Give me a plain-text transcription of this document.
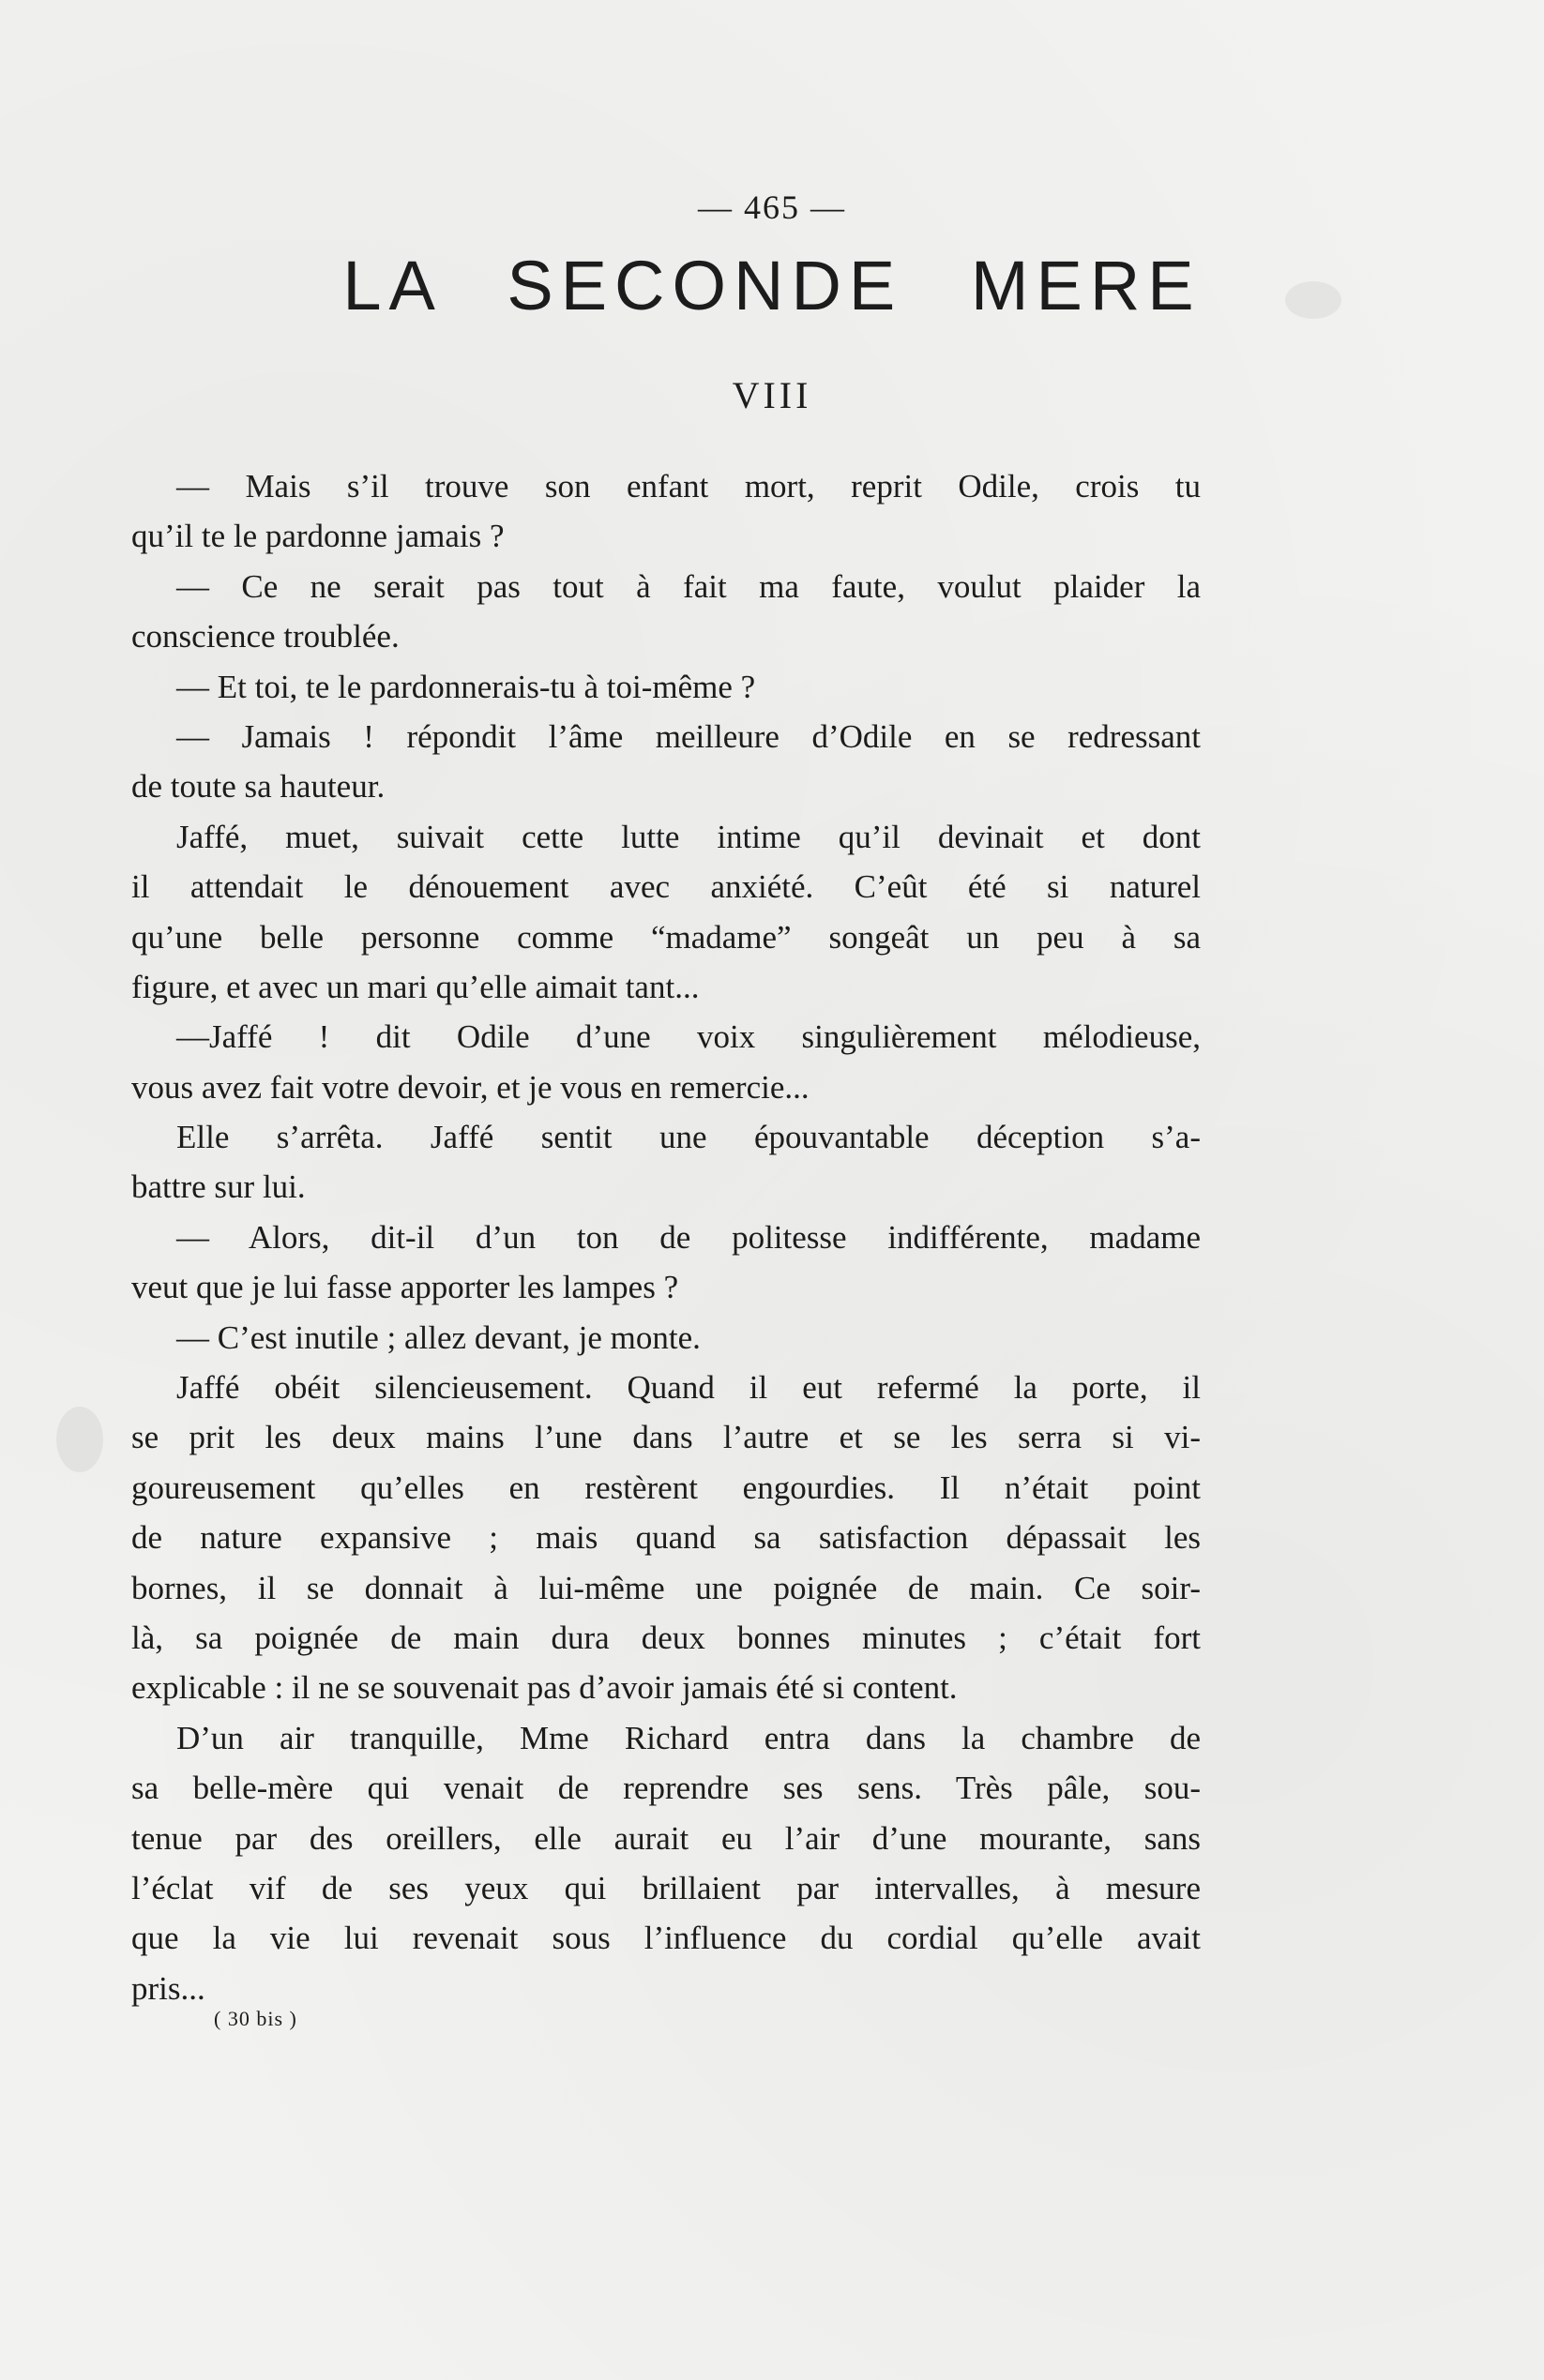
— 465 —
LA SECONDE MERE
VIII
— Mais s’il trouve son enfant mort, reprit Odile, crois tu
qu’il te le pardonne jamais ?
— Ce ne serait pas tout à fait ma faute, voulut plaider la
conscience troublée.
— Et toi, te le pardonnerais-tu à toi-même ?
— Jamais ! répondit l’âme meilleure d’Odile en se redressant
de toute sa hauteur.
Jaffé, muet, suivait cette lutte intime qu’il devinait et dont
il attendait le dénouement avec anxiété. C’eût été si naturel
qu’une belle personne comme “madame” songeât un peu à sa
figure, et avec un mari qu’elle aimait tant...
—Jaffé ! dit Odile d’une voix singulièrement mélodieuse,
vous avez fait votre devoir, et je vous en remercie...
Elle s’arrêta. Jaffé sentit une épouvantable déception s’a-
battre sur lui.
— Alors, dit-il d’un ton de politesse indifférente, madame
veut que je lui fasse apporter les lampes ?
— C’est inutile ; allez devant, je monte.
Jaffé obéit silencieusement. Quand il eut refermé la porte, il
se prit les deux mains l’une dans l’autre et se les serra si vi-
goureusement qu’elles en restèrent engourdies. Il n’était point
de nature expansive ; mais quand sa satisfaction dépassait les
bornes, il se donnait à lui-même une poignée de main. Ce soir-
là, sa poignée de main dura deux bonnes minutes ; c’était fort
explicable : il ne se souvenait pas d’avoir jamais été si content.
D’un air tranquille, Mme Richard entra dans la chambre de
sa belle-mère qui venait de reprendre ses sens. Très pâle, sou-
tenue par des oreillers, elle aurait eu l’air d’une mourante, sans
l’éclat vif de ses yeux qui brillaient par intervalles, à mesure
que la vie lui revenait sous l’influence du cordial qu’elle avait
pris...
( 30 bis )
